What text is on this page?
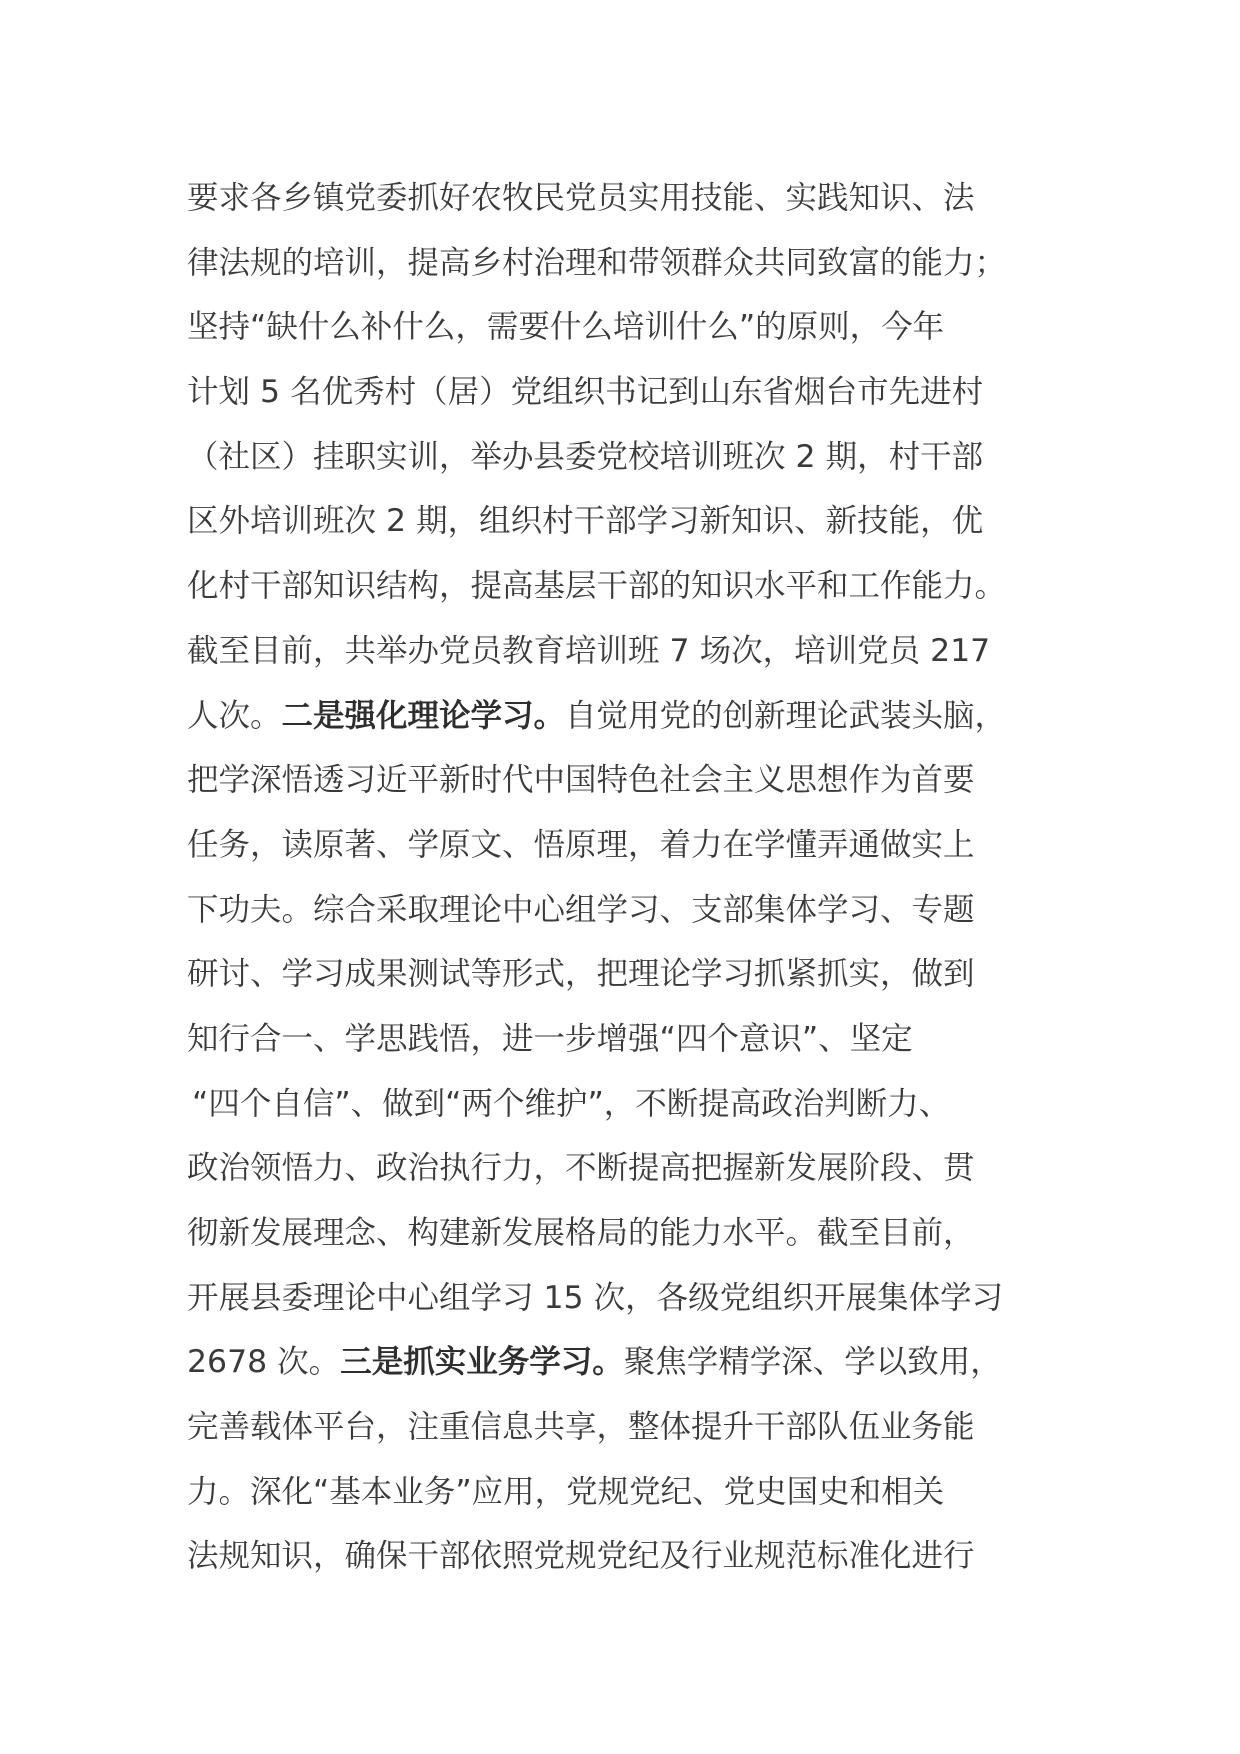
要求各乡镇党委抓好农牧民党员实用技能、实践知识、法
律法规的培训，提高乡村治理和带领群众共同致富的能力；
坚持“缺什么补什么，需要什么培训什么”的原则，今年
计划 5 名优秀村（居）党组织书记到山东省烟台市先进村
（社区）挂职实训，举办县委党校培训班次 2 期，村干部
区外培训班次 2 期，组织村干部学习新知识、新技能，优
化村干部知识结构，提高基层干部的知识水平和工作能力。
截至目前，共举办党员教育培训班 7 场次，培训党员 217
人次。二是强化理论学习。自觉用党的创新理论武装头脑，
把学深悟透习近平新时代中国特色社会主义思想作为首要
任务，读原著、学原文、悟原理，着力在学懂弄通做实上
下功夫。综合采取理论中心组学习、支部集体学习、专题
研讨、学习成果测试等形式，把理论学习抓紧抓实，做到
知行合一、学思践悟，进一步增强“四个意识”、坚定
“四个自信”、做到“两个维护”，不断提高政治判断力、
政治领悟力、政治执行力，不断提高把握新发展阶段、贯
彻新发展理念、构建新发展格局的能力水平。截至目前，
开展县委理论中心组学习 15 次，各级党组织开展集体学习
2678 次。三是抓实业务学习。聚焦学精学深、学以致用，
完善载体平台，注重信息共享，整体提升干部队伍业务能
力。深化“基本业务”应用，党规党纪、党史国史和相关
法规知识，确保干部依照党规党纪及行业规范标准化进行
